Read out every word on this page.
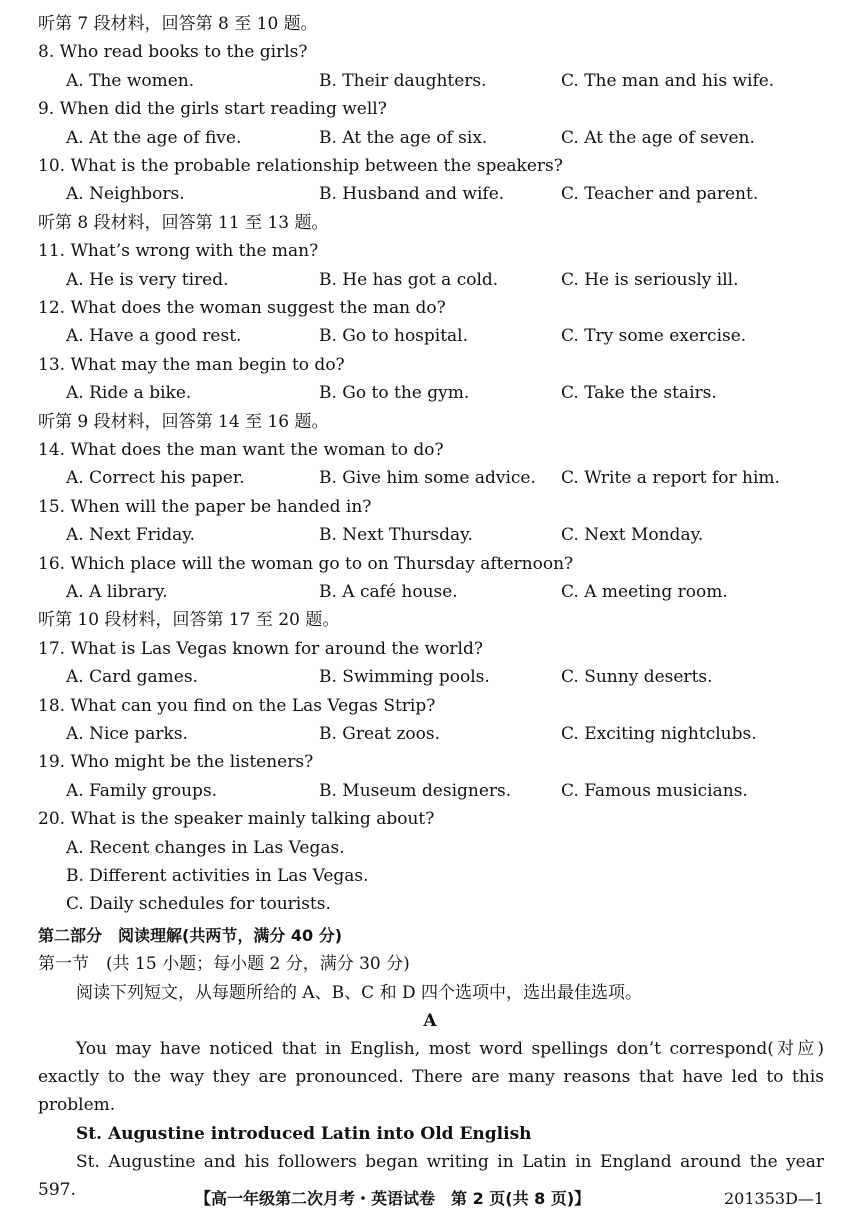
听第 7 段材料，回答第 8 至 10 题。
8. Who read books to the girls?
A. The women.	B. Their daughters.	C. The man and his wife.
9. When did the girls start reading well?
A. At the age of five.	B. At the age of six.	C. At the age of seven.
10. What is the probable relationship between the speakers?
A. Neighbors.	B. Husband and wife.	C. Teacher and parent.
听第 8 段材料，回答第 11 至 13 题。
11. What’s wrong with the man?
A. He is very tired.	B. He has got a cold.	C. He is seriously ill.
12. What does the woman suggest the man do?
A. Have a good rest.	B. Go to hospital.	C. Try some exercise.
13. What may the man begin to do?
A. Ride a bike.	B. Go to the gym.	C. Take the stairs.
听第 9 段材料，回答第 14 至 16 题。
14. What does the man want the woman to do?
A. Correct his paper.	B. Give him some advice. C. Write a report for him.
15. When will the paper be handed in?
A. Next Friday.	B. Next Thursday.	C. Next Monday.
16. Which place will the woman go to on Thursday afternoon?
A. A library.	B. A café house.	C. A meeting room.
听第 10 段材料，回答第 17 至 20 题。
17. What is Las Vegas known for around the world?
A. Card games.	B. Swimming pools.	C. Sunny deserts.
18. What can you find on the Las Vegas Strip?
A. Nice parks.	B. Great zoos.	C. Exciting nightclubs.
19. Who might be the listeners?
A. Family groups.	B. Museum designers.	C. Famous musicians.
20. What is the speaker mainly talking about?
A. Recent changes in Las Vegas.
B. Different activities in Las Vegas.
C. Daily schedules for tourists.
第二部分　阅读理解(共两节，满分 40 分)
第一节　(共 15 小题；每小题 2 分，满分 30 分)
阅读下列短文，从每题所给的 A、B、C 和 D 四个选项中，选出最佳选项。
A
You may have noticed that in English, most word spellings don’t correspond(对应) exactly to the way they are pronounced. There are many reasons that have led to this problem.
St. Augustine introduced Latin into Old English
St. Augustine and his followers began writing in Latin in England around the year 597.	【高一年级第二次月考・英语试卷　第 2 页(共 8 页)】	201353D—1
